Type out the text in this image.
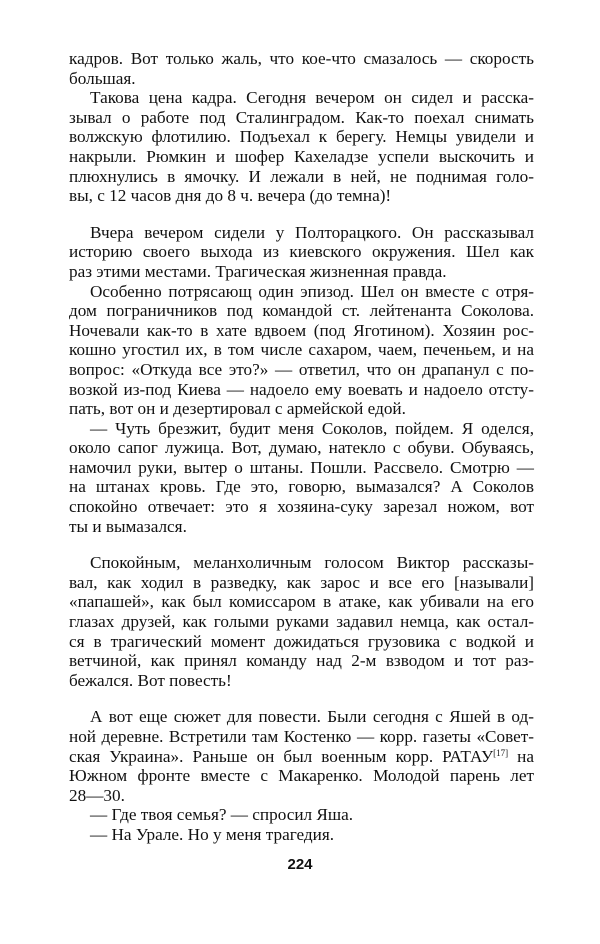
кадров. Вот только жаль, что кое-что смазалось — скорость
большая.
Такова цена кадра. Сегодня вечером он сидел и расска-
зывал о работе под Сталинградом. Как-то поехал снимать
волжскую флотилию. Подъехал к берегу. Немцы увидели и
накрыли. Рюмкин и шофер Кахеладзе успели выскочить и
плюхнулись в ямочку. И лежали в ней, не поднимая голо-
вы, с 12 часов дня до 8 ч. вечера (до темна)!
Вчера вечером сидели у Полторацкого. Он рассказывал
историю своего выхода из киевского окружения. Шел как
раз этими местами. Трагическая жизненная правда.
Особенно потрясающ один эпизод. Шел он вместе с отря-
дом пограничников под командой ст. лейтенанта Соколова.
Ночевали как-то в хате вдвоем (под Яготином). Хозяин рос-
кошно угостил их, в том числе сахаром, чаем, печеньем, и на
вопрос: «Откуда все это?» — ответил, что он драпанул с по-
возкой из-под Киева — надоело ему воевать и надоело отсту-
пать, вот он и дезертировал с армейской едой.
— Чуть брезжит, будит меня Соколов, пойдем. Я оделся,
около сапог лужица. Вот, думаю, натекло с обуви. Обуваясь,
намочил руки, вытер о штаны. Пошли. Рассвело. Смотрю —
на штанах кровь. Где это, говорю, вымазался? А Соколов
спокойно отвечает: это я хозяина-суку зарезал ножом, вот
ты и вымазался.
Спокойным, меланхоличным голосом Виктор рассказы-
вал, как ходил в разведку, как зарос и все его [называли]
«папашей», как был комиссаром в атаке, как убивали на его
глазах друзей, как голыми руками задавил немца, как остал-
ся в трагический момент дожидаться грузовика с водкой и
ветчиной, как принял команду над 2-м взводом и тот раз-
бежался. Вот повесть!
А вот еще сюжет для повести. Были сегодня с Яшей в од-
ной деревне. Встретили там Костенко — корр. газеты «Совет-
ская Украина». Раньше он был военным корр. РАТАУ[17] на
Южном фронте вместе с Макаренко. Молодой парень лет
28—30.
— Где твоя семья? — спросил Яша.
— На Урале. Но у меня трагедия.
224
